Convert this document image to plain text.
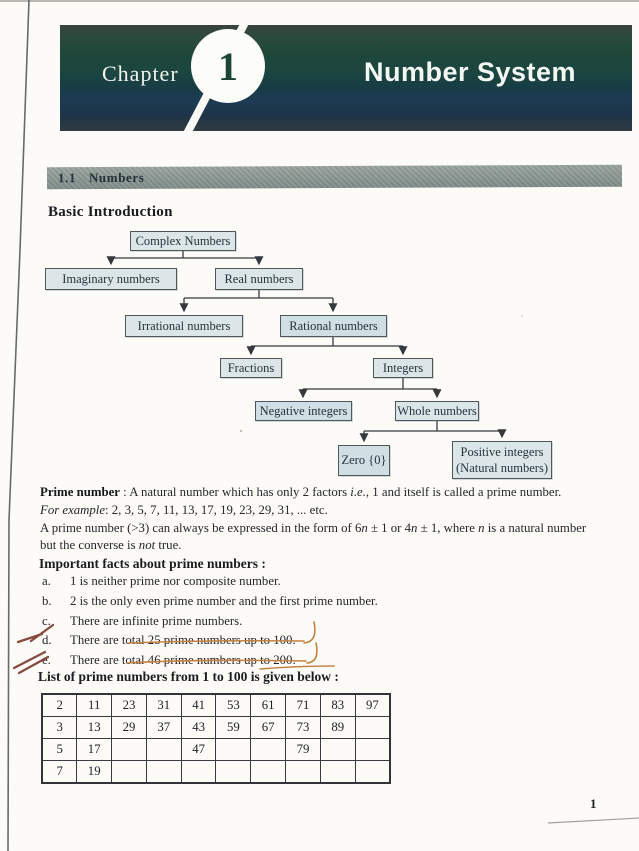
Chapter 1	Number System
1.1 Numbers
Basic Introduction
Complex Numbers
Imaginary numbers	Real numbers
Irrational numbers	Rational numbers
Fractions	Integers
Negative integers	Whole numbers
Zero {0}
Positive integers
(Natural numbers)
Prime number : A natural number which has only 2 factors i.e., 1 and itself is called a prime number.
For example: 2, 3, 5, 7, 11, 13, 17, 19, 23, 29, 31, ... etc.
A prime number (>3) can always be expressed in the form of 6n ± 1 or 4n ± 1, where n is a natural number
but the converse is not true.
Important facts about prime numbers :
a. 1 is neither prime nor composite number.
b. 2 is the only even prime number and the first prime number.
c. There are infinite prime numbers.
d. There are total 25 prime numbers up to 100.
e. There are total 46 prime numbers up to 200.
List of prime numbers from 1 to 100 is given below :
2	11	23	31	41	53	61	71	83	97
3	13	29	37	43	59	67	73	89	
5	17			47			79		
7	19								
1
